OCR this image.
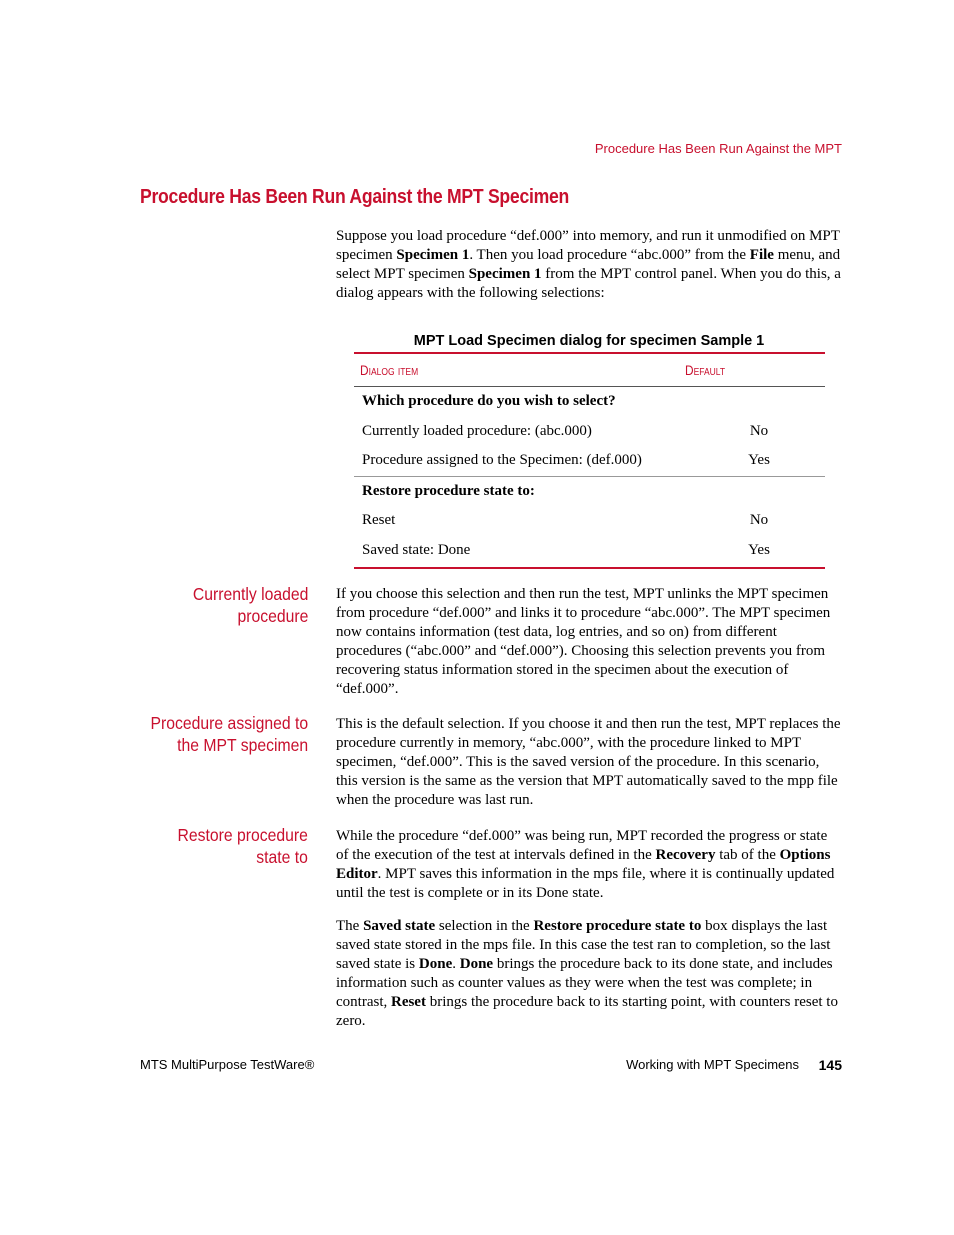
Procedure Has Been Run Against the MPT
Procedure Has Been Run Against the MPT Specimen
Suppose you load procedure “def.000” into memory, and run it unmodified on MPT specimen Specimen 1. Then you load procedure “abc.000” from the File menu, and select MPT specimen Specimen 1 from the MPT control panel. When you do this, a dialog appears with the following selections:
MPT Load Specimen dialog for specimen Sample 1
Dialog item	Default
Which procedure do you wish to select?
Currently loaded procedure: (abc.000)	No
Procedure assigned to the Specimen: (def.000)	Yes
Restore procedure state to:
Reset	No
Saved state: Done	Yes
Currently loaded
procedure
If you choose this selection and then run the test, MPT unlinks the MPT specimen from procedure “def.000” and links it to procedure “abc.000”. The MPT specimen now contains information (test data, log entries, and so on) from different procedures (“abc.000” and “def.000”). Choosing this selection prevents you from recovering status information stored in the specimen about the execution of “def.000”.
Procedure assigned to
the MPT specimen
This is the default selection. If you choose it and then run the test, MPT replaces the procedure currently in memory, “abc.000”, with the procedure linked to MPT specimen, “def.000”. This is the saved version of the procedure. In this scenario, this version is the same as the version that MPT automatically saved to the mpp file when the procedure was last run.
Restore procedure
state to
While the procedure “def.000” was being run, MPT recorded the progress or state of the execution of the test at intervals defined in the Recovery tab of the Options Editor. MPT saves this information in the mps file, where it is continually updated until the test is complete or in its Done state.
The Saved state selection in the Restore procedure state to box displays the last saved state stored in the mps file. In this case the test ran to completion, so the last saved state is Done. Done brings the procedure back to its done state, and includes information such as counter values as they were when the test was complete; in contrast, Reset brings the procedure back to its starting point, with counters reset to zero.
MTS MultiPurpose TestWare®	Working with MPT Specimens 145
